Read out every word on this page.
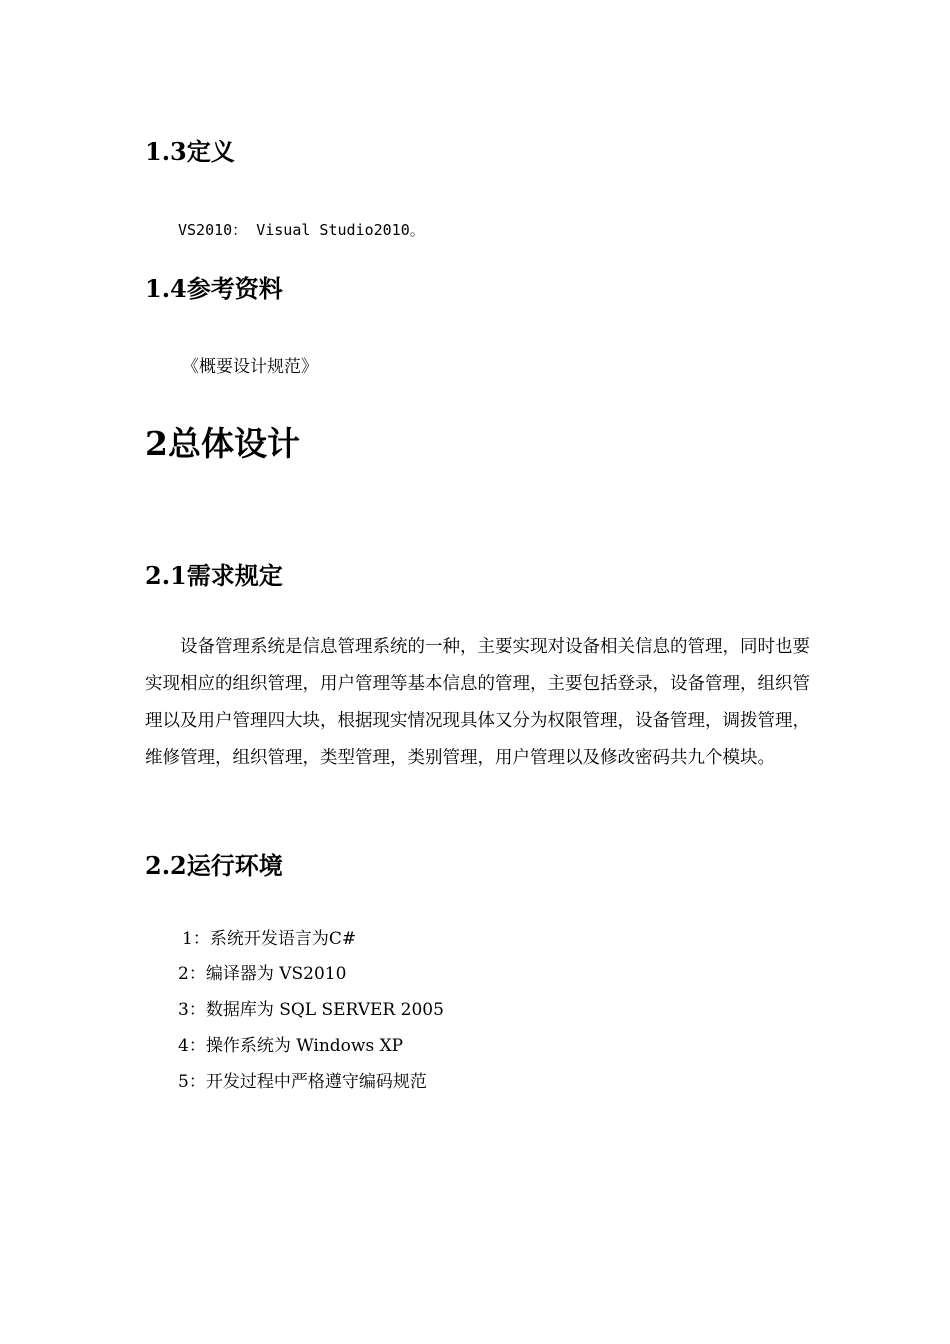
1.3定义

VS2010： Visual Studio2010。

1.4参考资料

《概要设计规范》

2总体设计
2.1需求规定

设备管理系统是信息管理系统的一种，主要实现对设备相关信息的管理，同时也要实现相应的组织管理，用户管理等基本信息的管理，主要包括登录，设备管理，组织管理以及用户管理四大块，根据现实情况现具体又分为权限管理，设备管理，调拨管理，维修管理，组织管理，类型管理，类别管理，用户管理以及修改密码共九个模块。

2.2运行环境
1：系统开发语言为C#
2：编译器为 VS2010
3：数据库为 SQL SERVER 2005
4：操作系统为 Windows XP
5：开发过程中严格遵守编码规范
